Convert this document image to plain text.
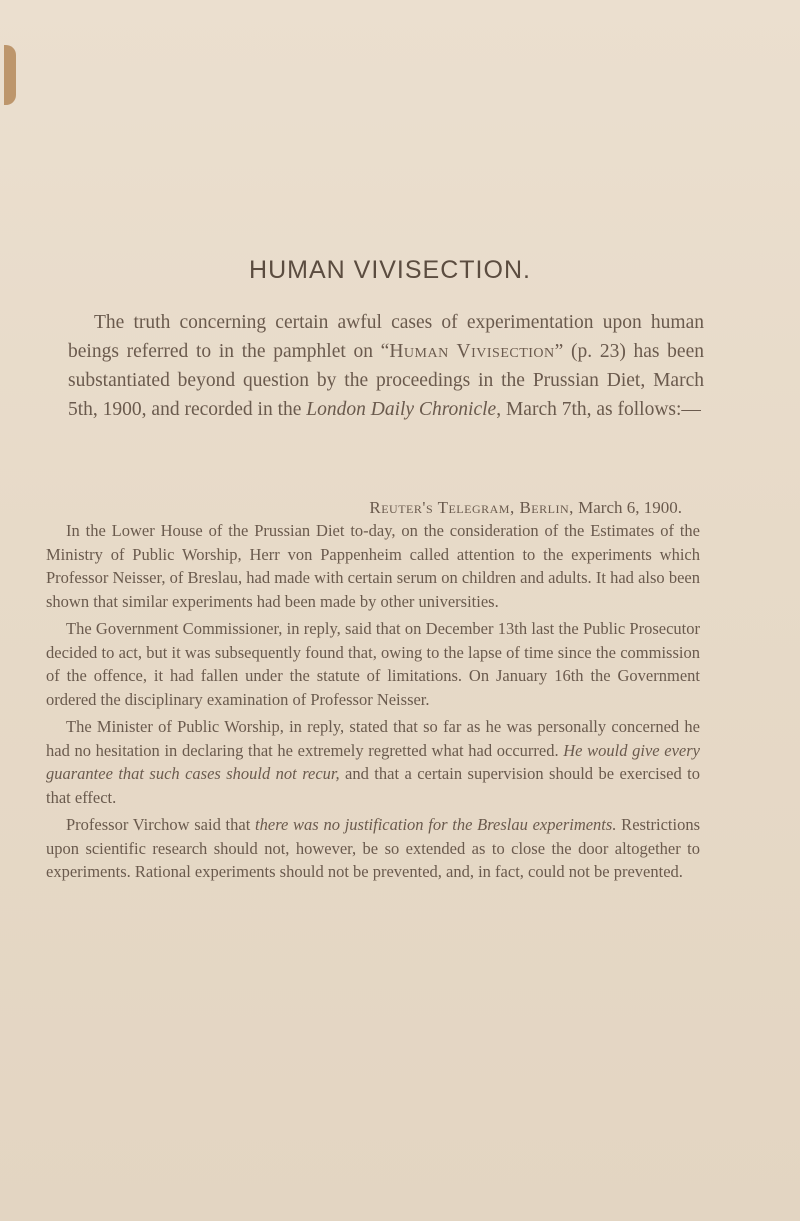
HUMAN VIVISECTION.

The truth concerning certain awful cases of experimentation upon human beings referred to in the pamphlet on “Human Vivisection” (p. 23) has been substantiated beyond question by the proceedings in the Prussian Diet, March 5th, 1900, and recorded in the London Daily Chronicle, March 7th, as follows:—

Reuter's Telegram, Berlin, March 6, 1900.

In the Lower House of the Prussian Diet to-day, on the consideration of the Estimates of the Ministry of Public Worship, Herr von Pappenheim called attention to the experiments which Professor Neisser, of Breslau, had made with certain serum on children and adults. It had also been shown that similar experiments had been made by other universities.

The Government Commissioner, in reply, said that on December 13th last the Public Prosecutor decided to act, but it was subsequently found that, owing to the lapse of time since the commission of the offence, it had fallen under the statute of limitations. On January 16th the Government ordered the disciplinary examination of Professor Neisser.

The Minister of Public Worship, in reply, stated that so far as he was personally concerned he had no hesitation in declaring that he extremely regretted what had occurred. He would give every guarantee that such cases should not recur, and that a certain supervision should be exercised to that effect.

Professor Virchow said that there was no justification for the Breslau experiments. Restrictions upon scientific research should not, however, be so extended as to close the door altogether to experiments. Rational experiments should not be prevented, and, in fact, could not be prevented.
